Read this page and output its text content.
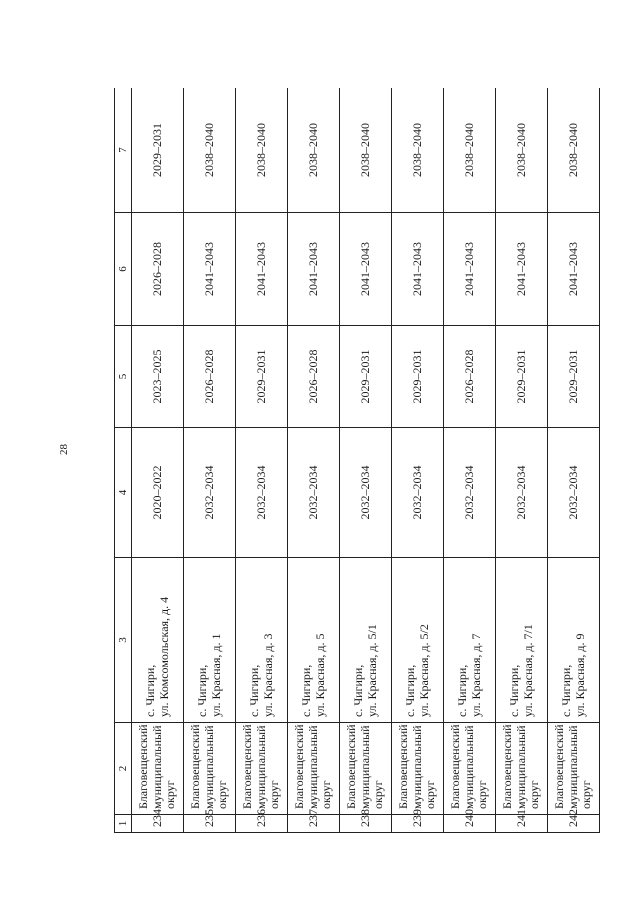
28
1	2	3	4	5	6	7
234	Благовещенский муниципальный округ	с. Чигири, ул. Комсомольская, д. 4	2020–2022	2023–2025	2026–2028	2029–2031
235	Благовещенский муниципальный округ	с. Чигири, ул. Красная, д. 1	2032–2034	2026–2028	2041–2043	2038–2040
236	Благовещенский муниципальный округ	с. Чигири, ул. Красная, д. 3	2032–2034	2029–2031	2041–2043	2038–2040
237	Благовещенский муниципальный округ	с. Чигири, ул. Красная, д. 5	2032–2034	2026–2028	2041–2043	2038–2040
238	Благовещенский муниципальный округ	с. Чигири, ул. Красная, д. 5/1	2032–2034	2029–2031	2041–2043	2038–2040
239	Благовещенский муниципальный округ	с. Чигири, ул. Красная, д. 5/2	2032–2034	2029–2031	2041–2043	2038–2040
240	Благовещенский муниципальный округ	с. Чигири, ул. Красная, д. 7	2032–2034	2026–2028	2041–2043	2038–2040
241	Благовещенский муниципальный округ	с. Чигири, ул. Красная, д. 7/1	2032–2034	2029–2031	2041–2043	2038–2040
242	Благовещенский муниципальный округ	с. Чигири, ул. Красная, д. 9	2032–2034	2029–2031	2041–2043	2038–2040
